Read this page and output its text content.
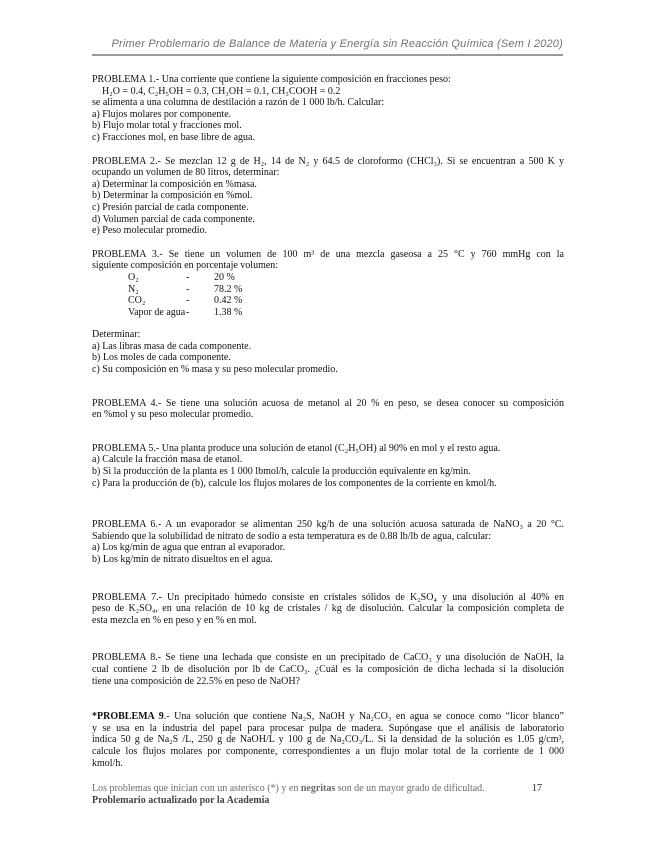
Primer Problemario de Balance de Materia y Energía sin Reacción Química (Sem I 2020)
PROBLEMA 1.- Una corriente que contiene la siguiente composición en fracciones peso:
H₂O = 0.4, C₂H₅OH = 0.3, CH₃OH = 0.1, CH₃COOH = 0.2
se alimenta a una columna de destilación a razón de 1 000 lb/h. Calcular:
a) Flujos molares por componente.
b) Flujo molar total y fracciones mol.
c) Fracciones mol, en base libre de agua.
PROBLEMA 2.- Se mezclan 12 g de H₂, 14 de N₂ y 64.5 de cloroformo (CHCl₃). Si se encuentran a 500 K y
ocupando un volumen de 80 litros, determinar:
a) Determinar la composición en %masa.
b) Determinar la composición en %mol.
c) Presión parcial de cada componente.
d) Volumen parcial de cada componente.
e) Peso molecular promedio.
PROBLEMA 3.- Se tiene un volumen de 100 m³ de una mezcla gaseosa a 25 °C y 760 mmHg con la
siguiente composición en porcentaje volumen:
O₂	-	20 %
N₂	-	78.2 %
CO₂	-	0.42 %
Vapor de agua	-	1.38 %
Determinar:
a) Las libras masa de cada componente.
b) Los moles de cada componente.
c) Su composición en % masa y su peso molecular promedio.
PROBLEMA 4.- Se tiene una solución acuosa de metanol al 20 % en peso, se desea conocer su composición
en %mol y su peso molecular promedio.
PROBLEMA 5.- Una planta produce una solución de etanol (C₂H₅OH) al 90% en mol y el resto agua.
a) Calcule la fracción masa de etanol.
b) Si la producción de la planta es 1 000 lbmol/h, calcule la producción equivalente en kg/min.
c) Para la producción de (b), calcule los flujos molares de los componentes de la corriente en kmol/h.
PROBLEMA 6.- A un evaporador se alimentan 250 kg/h de una solución acuosa saturada de NaNO₃ a 20 °C.
Sabiendo que la solubilidad de nitrato de sodio a esta temperatura es de 0.88 lb/lb de agua, calcular:
a) Los kg/min de agua que entran al evaporador.
b) Los kg/min de nitrato disueltos en el agua.
PROBLEMA 7.- Un precipitado húmedo consiste en cristales sólidos de K₂SO₄ y una disolución al 40% en
peso de K₂SO₄, en una relación de 10 kg de cristales / kg de disolución. Calcular la composición completa de
esta mezcla en % en peso y en % en mol.
PROBLEMA 8.- Se tiene una lechada que consiste en un precipitado de CaCO₃ y una disolución de NaOH, la
cual contiene 2 lb de disolución por lb de CaCO₃. ¿Cuál es la composición de dicha lechada si la disolución
tiene una composición de 22.5% en peso de NaOH?
*PROBLEMA 9.- Una solución que contiene Na₂S, NaOH y Na₂CO₃ en agua se conoce como “licor blanco”
y se usa en la industria del papel para procesar pulpa de madera. Supóngase que el análisis de laboratorio
indica 50 g de Na₂S /L, 250 g de NaOH/L y 100 g de Na₂CO₃/L. Si la densidad de la solución es 1.05 g/cm³,
calcule los flujos molares por componente, correspondientes a un flujo molar total de la corriente de 1 000
kmol/h.
Los problemas que inician con un asterisco (*) y en negritas son de un mayor grado de dificultad.	17
Problemario actualizado por la Academia
